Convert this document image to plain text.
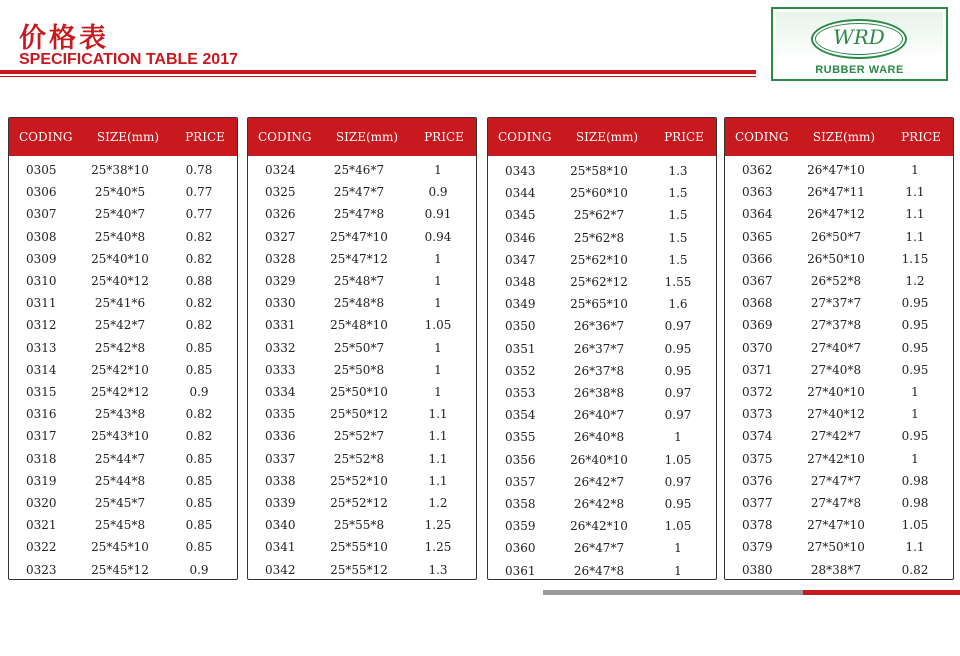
价格表
SPECIFICATION TABLE 2017
WRD
RUBBER WARE
CODING	SIZE(mm)	PRICE
0305	25*38*10	0.78
0306	25*40*5	0.77
0307	25*40*7	0.77
0308	25*40*8	0.82
0309	25*40*10	0.82
0310	25*40*12	0.88
0311	25*41*6	0.82
0312	25*42*7	0.82
0313	25*42*8	0.85
0314	25*42*10	0.85
0315	25*42*12	0.9
0316	25*43*8	0.82
0317	25*43*10	0.82
0318	25*44*7	0.85
0319	25*44*8	0.85
0320	25*45*7	0.85
0321	25*45*8	0.85
0322	25*45*10	0.85
0323	25*45*12	0.9
CODING	SIZE(mm)	PRICE
0324	25*46*7	1
0325	25*47*7	0.9
0326	25*47*8	0.91
0327	25*47*10	0.94
0328	25*47*12	1
0329	25*48*7	1
0330	25*48*8	1
0331	25*48*10	1.05
0332	25*50*7	1
0333	25*50*8	1
0334	25*50*10	1
0335	25*50*12	1.1
0336	25*52*7	1.1
0337	25*52*8	1.1
0338	25*52*10	1.1
0339	25*52*12	1.2
0340	25*55*8	1.25
0341	25*55*10	1.25
0342	25*55*12	1.3
CODING	SIZE(mm)	PRICE
0343	25*58*10	1.3
0344	25*60*10	1.5
0345	25*62*7	1.5
0346	25*62*8	1.5
0347	25*62*10	1.5
0348	25*62*12	1.55
0349	25*65*10	1.6
0350	26*36*7	0.97
0351	26*37*7	0.95
0352	26*37*8	0.95
0353	26*38*8	0.97
0354	26*40*7	0.97
0355	26*40*8	1
0356	26*40*10	1.05
0357	26*42*7	0.97
0358	26*42*8	0.95
0359	26*42*10	1.05
0360	26*47*7	1
0361	26*47*8	1
CODING	SIZE(mm)	PRICE
0362	26*47*10	1
0363	26*47*11	1.1
0364	26*47*12	1.1
0365	26*50*7	1.1
0366	26*50*10	1.15
0367	26*52*8	1.2
0368	27*37*7	0.95
0369	27*37*8	0.95
0370	27*40*7	0.95
0371	27*40*8	0.95
0372	27*40*10	1
0373	27*40*12	1
0374	27*42*7	0.95
0375	27*42*10	1
0376	27*47*7	0.98
0377	27*47*8	0.98
0378	27*47*10	1.05
0379	27*50*10	1.1
0380	28*38*7	0.82
